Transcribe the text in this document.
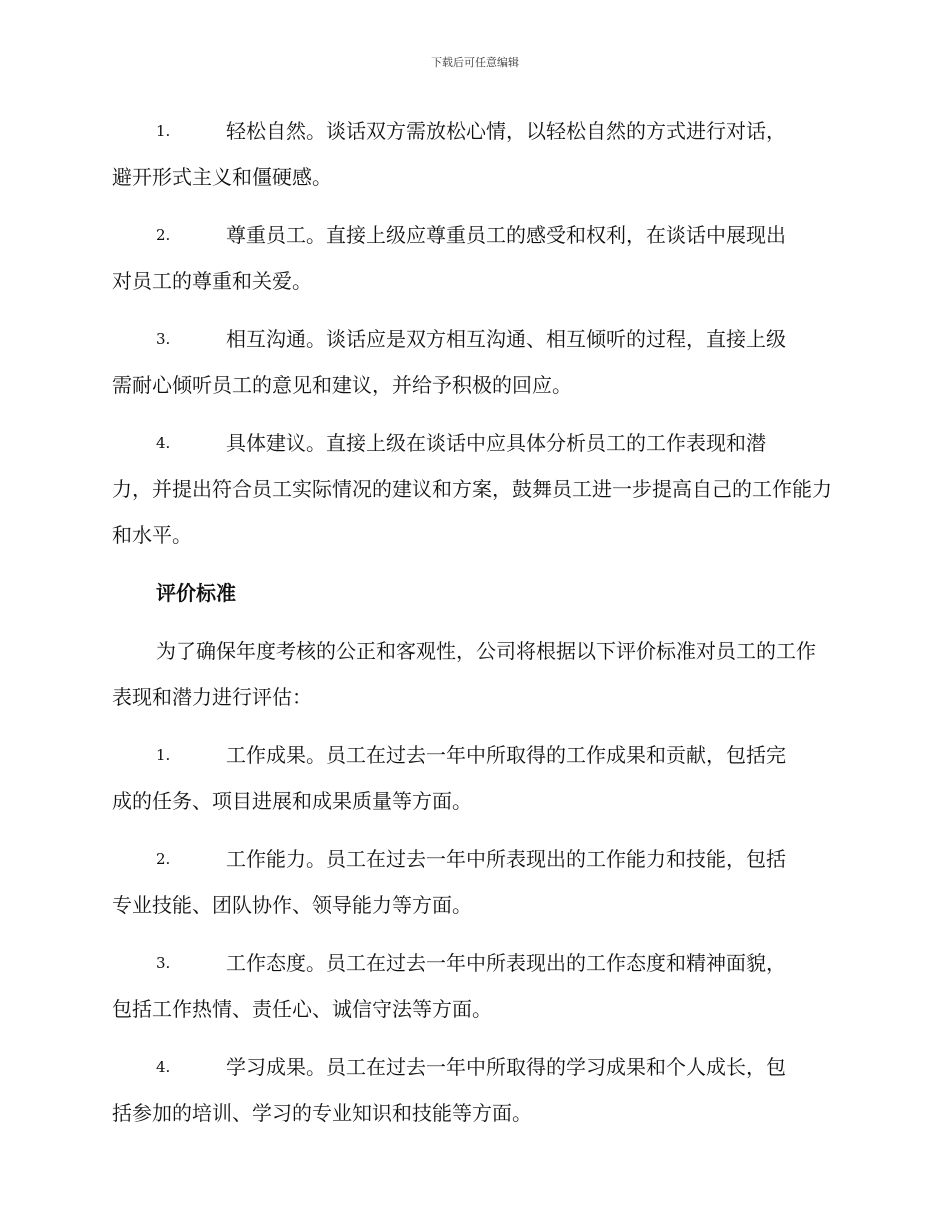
下载后可任意编辑
1.	轻松自然。谈话双方需放松心情，以轻松自然的方式进行对话，
避开形式主义和僵硬感。
2.	尊重员工。直接上级应尊重员工的感受和权利，在谈话中展现出
对员工的尊重和关爱。
3.	相互沟通。谈话应是双方相互沟通、相互倾听的过程，直接上级
需耐心倾听员工的意见和建议，并给予积极的回应。
4.	具体建议。直接上级在谈话中应具体分析员工的工作表现和潜
力，并提出符合员工实际情况的建议和方案，鼓舞员工进一步提高自己的工作能力和水平。
评价标准
为了确保年度考核的公正和客观性，公司将根据以下评价标准对员工的工作表现和潜力进行评估：
1.	工作成果。员工在过去一年中所取得的工作成果和贡献，包括完
成的任务、项目进展和成果质量等方面。
2.	工作能力。员工在过去一年中所表现出的工作能力和技能，包括
专业技能、团队协作、领导能力等方面。
3.	工作态度。员工在过去一年中所表现出的工作态度和精神面貌，
包括工作热情、责任心、诚信守法等方面。
4.	学习成果。员工在过去一年中所取得的学习成果和个人成长，包
括参加的培训、学习的专业知识和技能等方面。
